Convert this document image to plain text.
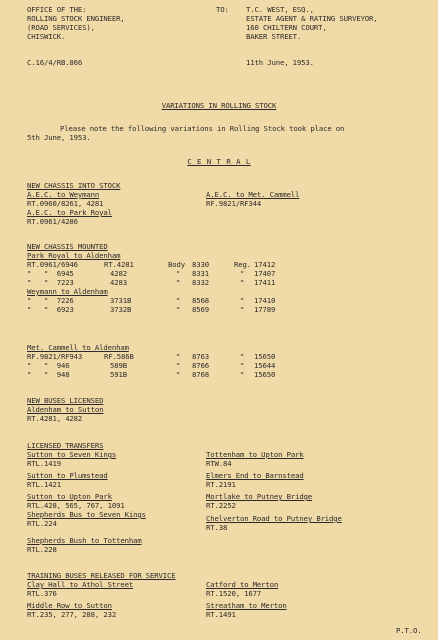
OFFICE OF THE:
ROLLING STOCK ENGINEER,
(ROAD SERVICES),
CHISWICK.
TO: T.C. WEST, ESQ.,
ESTATE AGENT & RATING SURVEYOR,
160 CHILTERN COURT,
BAKER STREET.
C.16/4/RB.866	11th June, 1953.
VARIATIONS IN ROLLING STOCK
Please note the following variations in Rolling Stock took place on
5th June, 1953.
C E N T R A L
NEW CHASSIS INTO STOCK
A.E.C. to Weymann
RT.0960/8261, 4281
A.E.C. to Park Royal
RT.0961/4286
A.E.C. to Met. Cammell
RF.9821/RF344
NEW CHASSIS MOUNTED
Park Royal to Aldenham
RT.0961/6946	RT.4281	Body 8330	Reg. 17412
"   "  6945	4282	" 8331	" 17407
"   "  7223	4283	" 8332	" 17411
Weymann to Aldenham
"   "  7226	3731B	" 8568	" 17410
"   "  6923	3732B	" 8569	" 17789
Met. Cammell to Aldenham
RF.9821/RF943	RF.586B	" 8763	" 15650
"   "  946	589B	" 8766	" 15644
"   "  948	591B	" 8768	" 15650
NEW BUSES LICENSED
Aldenham to Sutton
RT.4281, 4282
LICENSED TRANSFERS
Sutton to Seven Kings
RTL.1419
Sutton to Plumstead
RTL.1421
Sutton to Upton Park
RTL.428, 565, 767, 1091
Shepherds Bus to Seven Kings
RTL.224
Shepherds Bush to Tottenham
RTL.228
Tottenham to Upton Park
RTW.84
Elmers End to Barnstead
RT.2191
Mortlake to Putney Bridge
RT.2252
Chelverton Road to Putney Bridge
RT.38
TRAINING BUSES RELEASED FOR SERVICE
Clay Hall to Athol Street
RTL.376
Middle Row to Sutton
RT.235, 277, 288, 232
Catford to Merton
RT.1520, 1677
Streatham to Merton
RT.1491
P.T.O.
